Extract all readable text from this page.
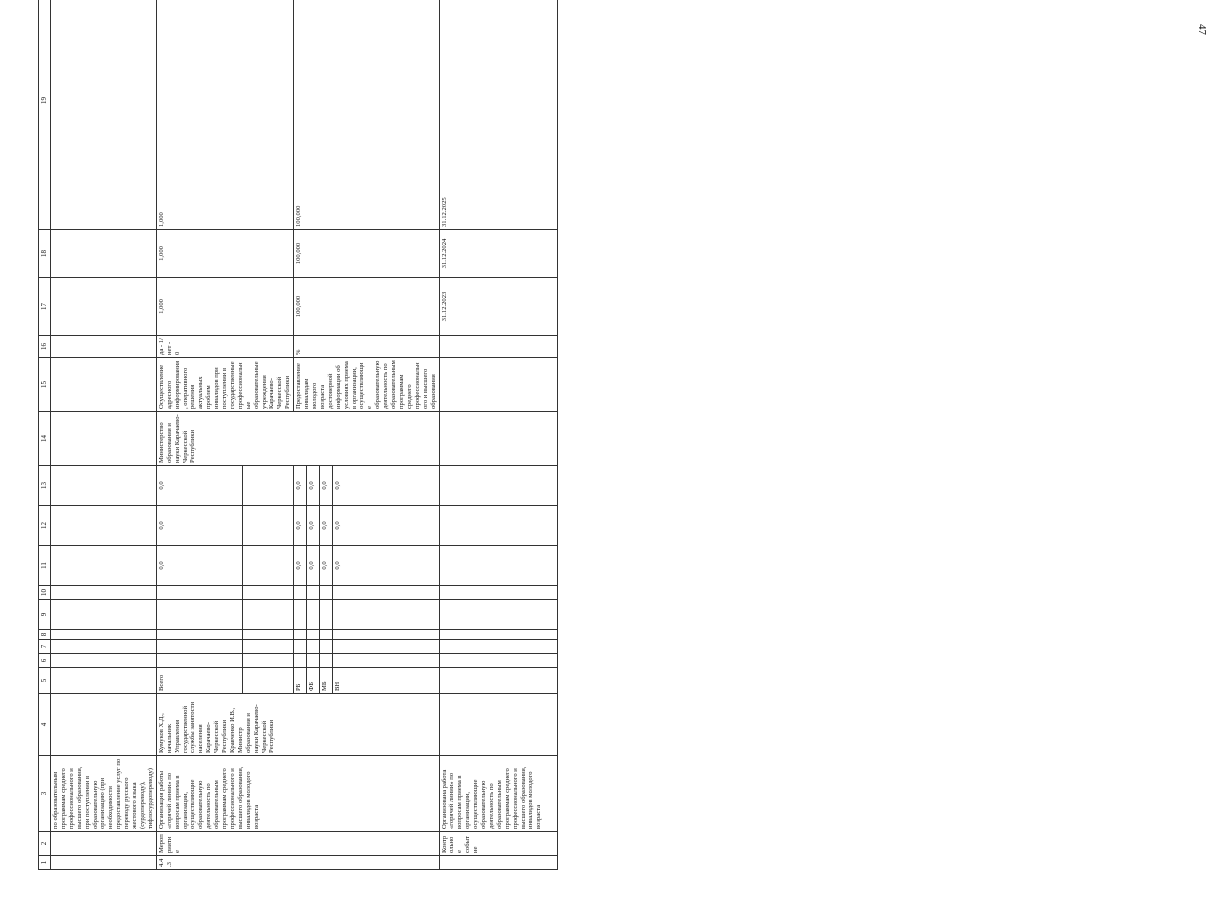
47
1	2	3	4	5	6	7	8	9	10	11	12	13	14	15	16	17	18	19
		по образовательным программам среднего профессионального и высшего образования, при поступлении в образовательную организацию (при необходимости предоставление услуг по переводу русского жестового языка (сурдопереводу), тифлосурдопереводу)																
4.4.3	Мероприятие	Организация работы «горячей линии» по вопросам приема в организации, осуществляющие образовательную деятельность по образовательным программам среднего профессионального и высшего образования, инвалидов молодого возраста	Кумуков Х.Д., начальник Управления государственной службы занятости населения Карачаево-Черкесской Республики Кравченко И.В., Министр образования и науки Карачаево-Черкесской Республики	Всего						0,0	0,0	0,0	Министерство образования и науки Карачаево-Черкесской Республики	Осуществление адресного информирования, оперативного решения актуальных проблем инвалидов при поступлении в государственные профессиональные образовательные учреждения Карачаево-Черкесской Республики	да - 1/ нет - 0	1,000	1,000	1,000

				РБ						0,0	0,0	0,0		Предоставление инвалидам молодого возраста достоверной информации об условиях приема в организации, осуществляющие образовательную деятельность по образовательным программам среднего профессионального и высшего образования	%	100,000	100,000	100,000
				ФБ						0,0	0,0	0,0						
				МБ						0,0	0,0	0,0						
				ВН						0,0	0,0	0,0						
	Контрольное событие	Организована работа «горячей линии» по вопросам приема в организации, осуществляющие образовательную деятельность по образовательным программам среднего профессионального и высшего образования, инвалидов молодого возраста														31.12.2023	31.12.2024	31.12.2025
